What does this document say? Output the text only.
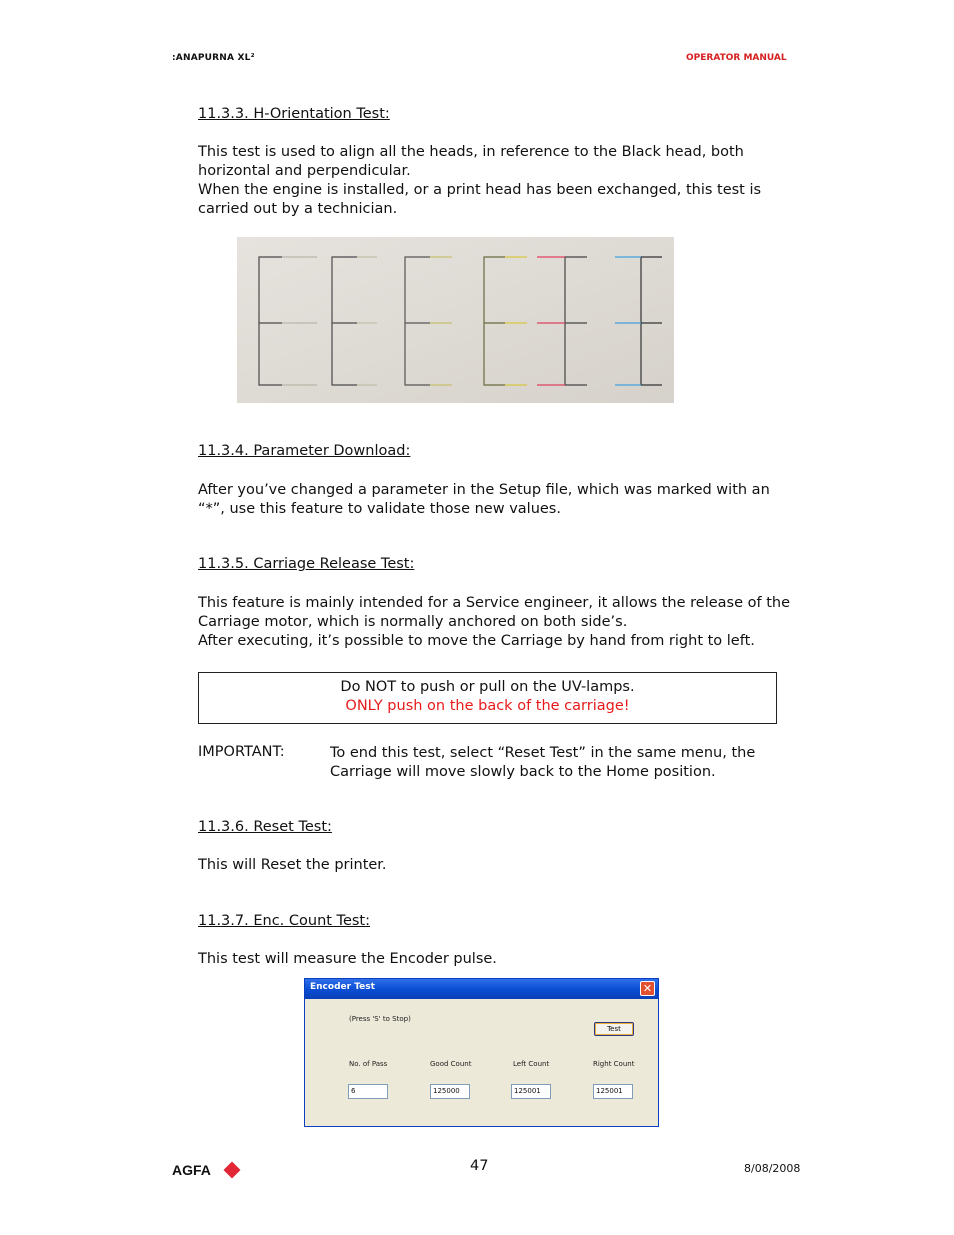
:ANAPURNA XL²	OPERATOR MANUAL
11.3.3. H-Orientation Test:

This test is used to align all the heads, in reference to the Black head, both horizontal and perpendicular.

When the engine is installed, or a print head has been exchanged, this test is carried out by a technician.

11.3.4. Parameter Download:

After you’ve changed a parameter in the Setup file, which was marked with an “*”, use this feature to validate those new values.

11.3.5. Carriage Release Test:

This feature is mainly intended for a Service engineer, it allows the release of the Carriage motor, which is normally anchored on both side’s.

After executing, it’s possible to move the Carriage by hand from right to left.

Do NOT to push or pull on the UV-lamps.
ONLY push on the back of the carriage!
IMPORTANT:	To end this test, select “Reset Test” in the same menu, the Carriage will move slowly back to the Home position.
11.3.6. Reset Test:

This will Reset the printer.

11.3.7. Enc. Count Test:

This test will measure the Encoder pulse.

Encoder Test	✕
(Press 'S' to Stop)
Test
No. of Pass	Good Count	Left Count	Right Count
6	125000	125001	125001
AGFA	47	8/08/2008
